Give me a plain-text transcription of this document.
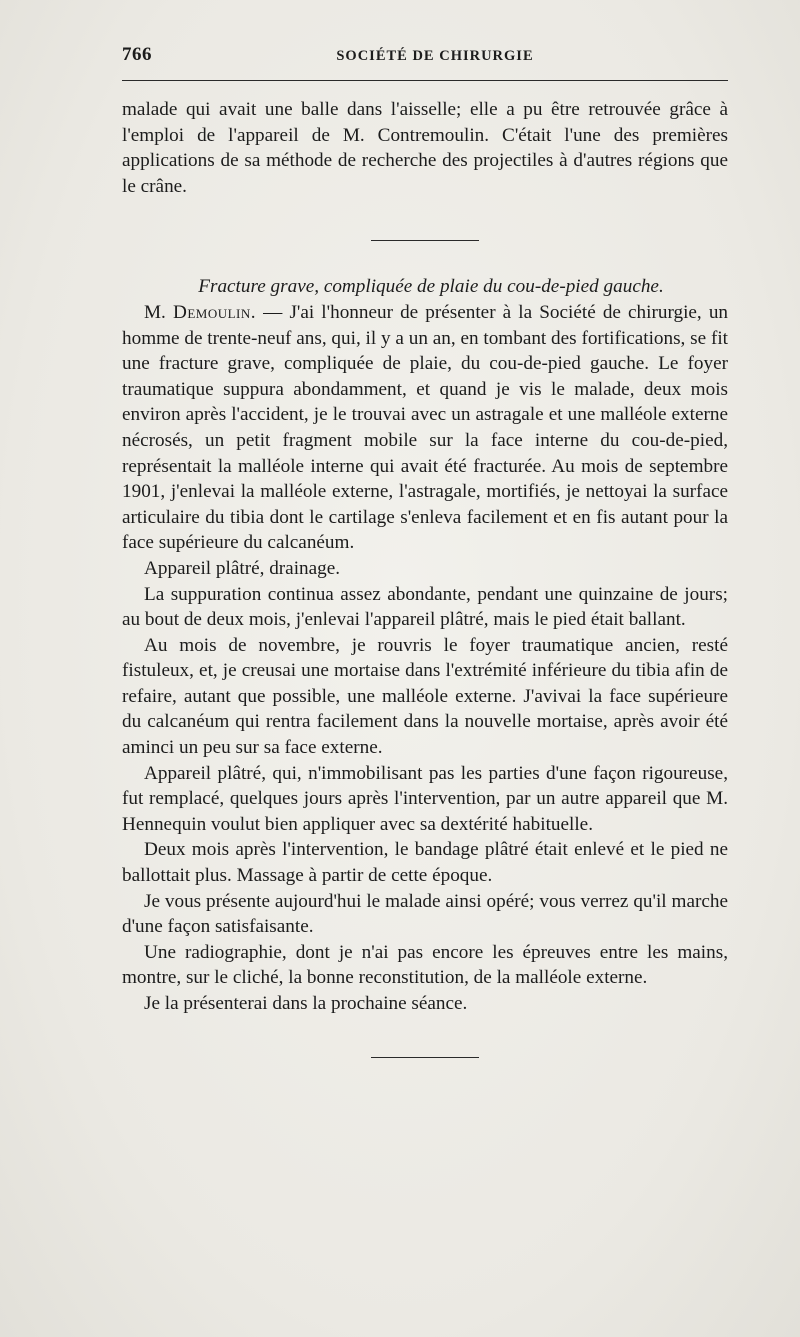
766	SOCIÉTÉ DE CHIRURGIE

malade qui avait une balle dans l'aisselle; elle a pu être retrouvée grâce à l'emploi de l'appareil de M. Contremoulin. C'était l'une des premières applications de sa méthode de recherche des projectiles à d'autres régions que le crâne.

Fracture grave, compliquée de plaie du cou-de-pied gauche.

M. Demoulin. — J'ai l'honneur de présenter à la Société de chirurgie, un homme de trente-neuf ans, qui, il y a un an, en tombant des fortifications, se fit une fracture grave, compliquée de plaie, du cou-de-pied gauche. Le foyer traumatique suppura abondamment, et quand je vis le malade, deux mois environ après l'accident, je le trouvai avec un astragale et une malléole externe nécrosés, un petit fragment mobile sur la face interne du cou-de-pied, représentait la malléole interne qui avait été fracturée. Au mois de septembre 1901, j'enlevai la malléole externe, l'astragale, mortifiés, je nettoyai la surface articulaire du tibia dont le cartilage s'enleva facilement et en fis autant pour la face supérieure du calcanéum.

Appareil plâtré, drainage.

La suppuration continua assez abondante, pendant une quinzaine de jours; au bout de deux mois, j'enlevai l'appareil plâtré, mais le pied était ballant.

Au mois de novembre, je rouvris le foyer traumatique ancien, resté fistuleux, et, je creusai une mortaise dans l'extrémité inférieure du tibia afin de refaire, autant que possible, une malléole externe. J'avivai la face supérieure du calcanéum qui rentra facilement dans la nouvelle mortaise, après avoir été aminci un peu sur sa face externe.

Appareil plâtré, qui, n'immobilisant pas les parties d'une façon rigoureuse, fut remplacé, quelques jours après l'intervention, par un autre appareil que M. Hennequin voulut bien appliquer avec sa dextérité habituelle.

Deux mois après l'intervention, le bandage plâtré était enlevé et le pied ne ballottait plus. Massage à partir de cette époque.

Je vous présente aujourd'hui le malade ainsi opéré; vous verrez qu'il marche d'une façon satisfaisante.

Une radiographie, dont je n'ai pas encore les épreuves entre les mains, montre, sur le cliché, la bonne reconstitution, de la malléole externe.

Je la présenterai dans la prochaine séance.
